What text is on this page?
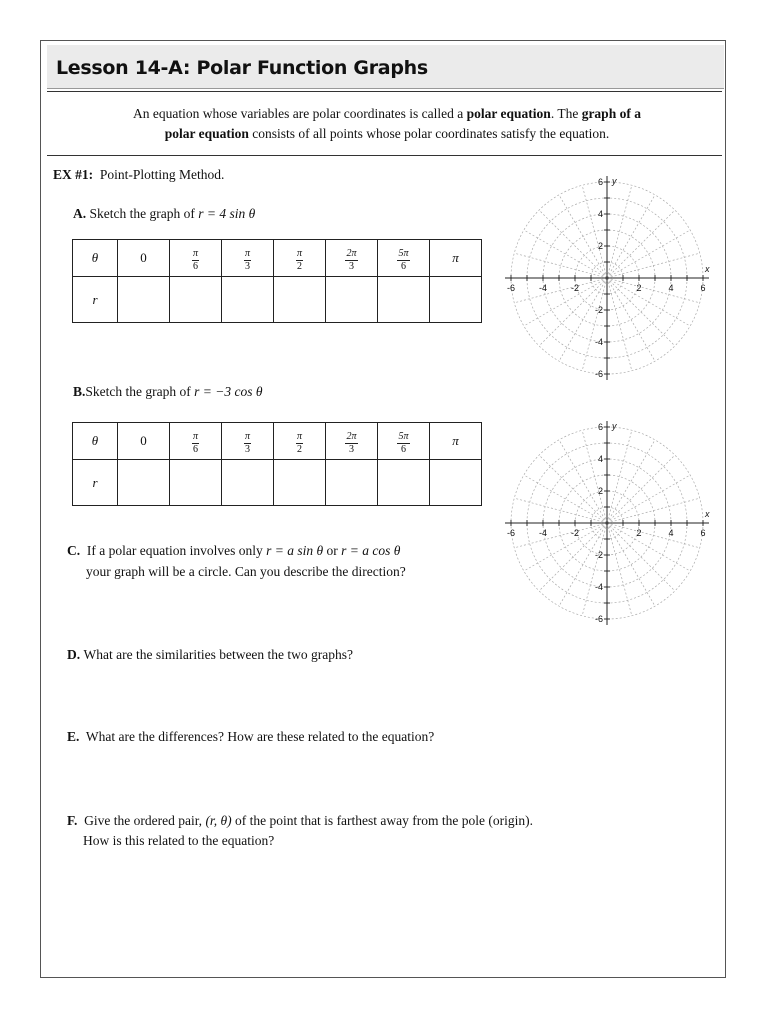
Lesson 14-A: Polar Function Graphs
An equation whose variables are polar coordinates is called a polar equation. The graph of a
polar equation consists of all points whose polar coordinates satisfy the equation.
EX #1: Point-Plotting Method.
A. Sketch the graph of r = 4 sin θ
θ	0	$\frac{\pi}{6}$	$\frac{\pi}{3}$	$\frac{\pi}{2}$	$\frac{2\pi}{3}$	$\frac{5\pi}{6}$	π
r							
B.Sketch the graph of r = −3 cos θ
θ	0	$\frac{\pi}{6}$	$\frac{\pi}{3}$	$\frac{\pi}{2}$	$\frac{2\pi}{3}$	$\frac{5\pi}{6}$	π
r							
C. If a polar equation involves only r = a sin θ or r = a cos θ
your graph will be a circle. Can you describe the direction?
D. What are the similarities between the two graphs?
E. What are the differences? How are these related to the equation?
F. Give the ordered pair, (r, θ) of the point that is farthest away from the pole (origin).
How is this related to the equation?
-6	-4	-2	2	4	6
6
4
2
-2
-4
-6
x
y
-6	-4	-2	2	4	6
6
4
2
-2
-4
-6
x
y
